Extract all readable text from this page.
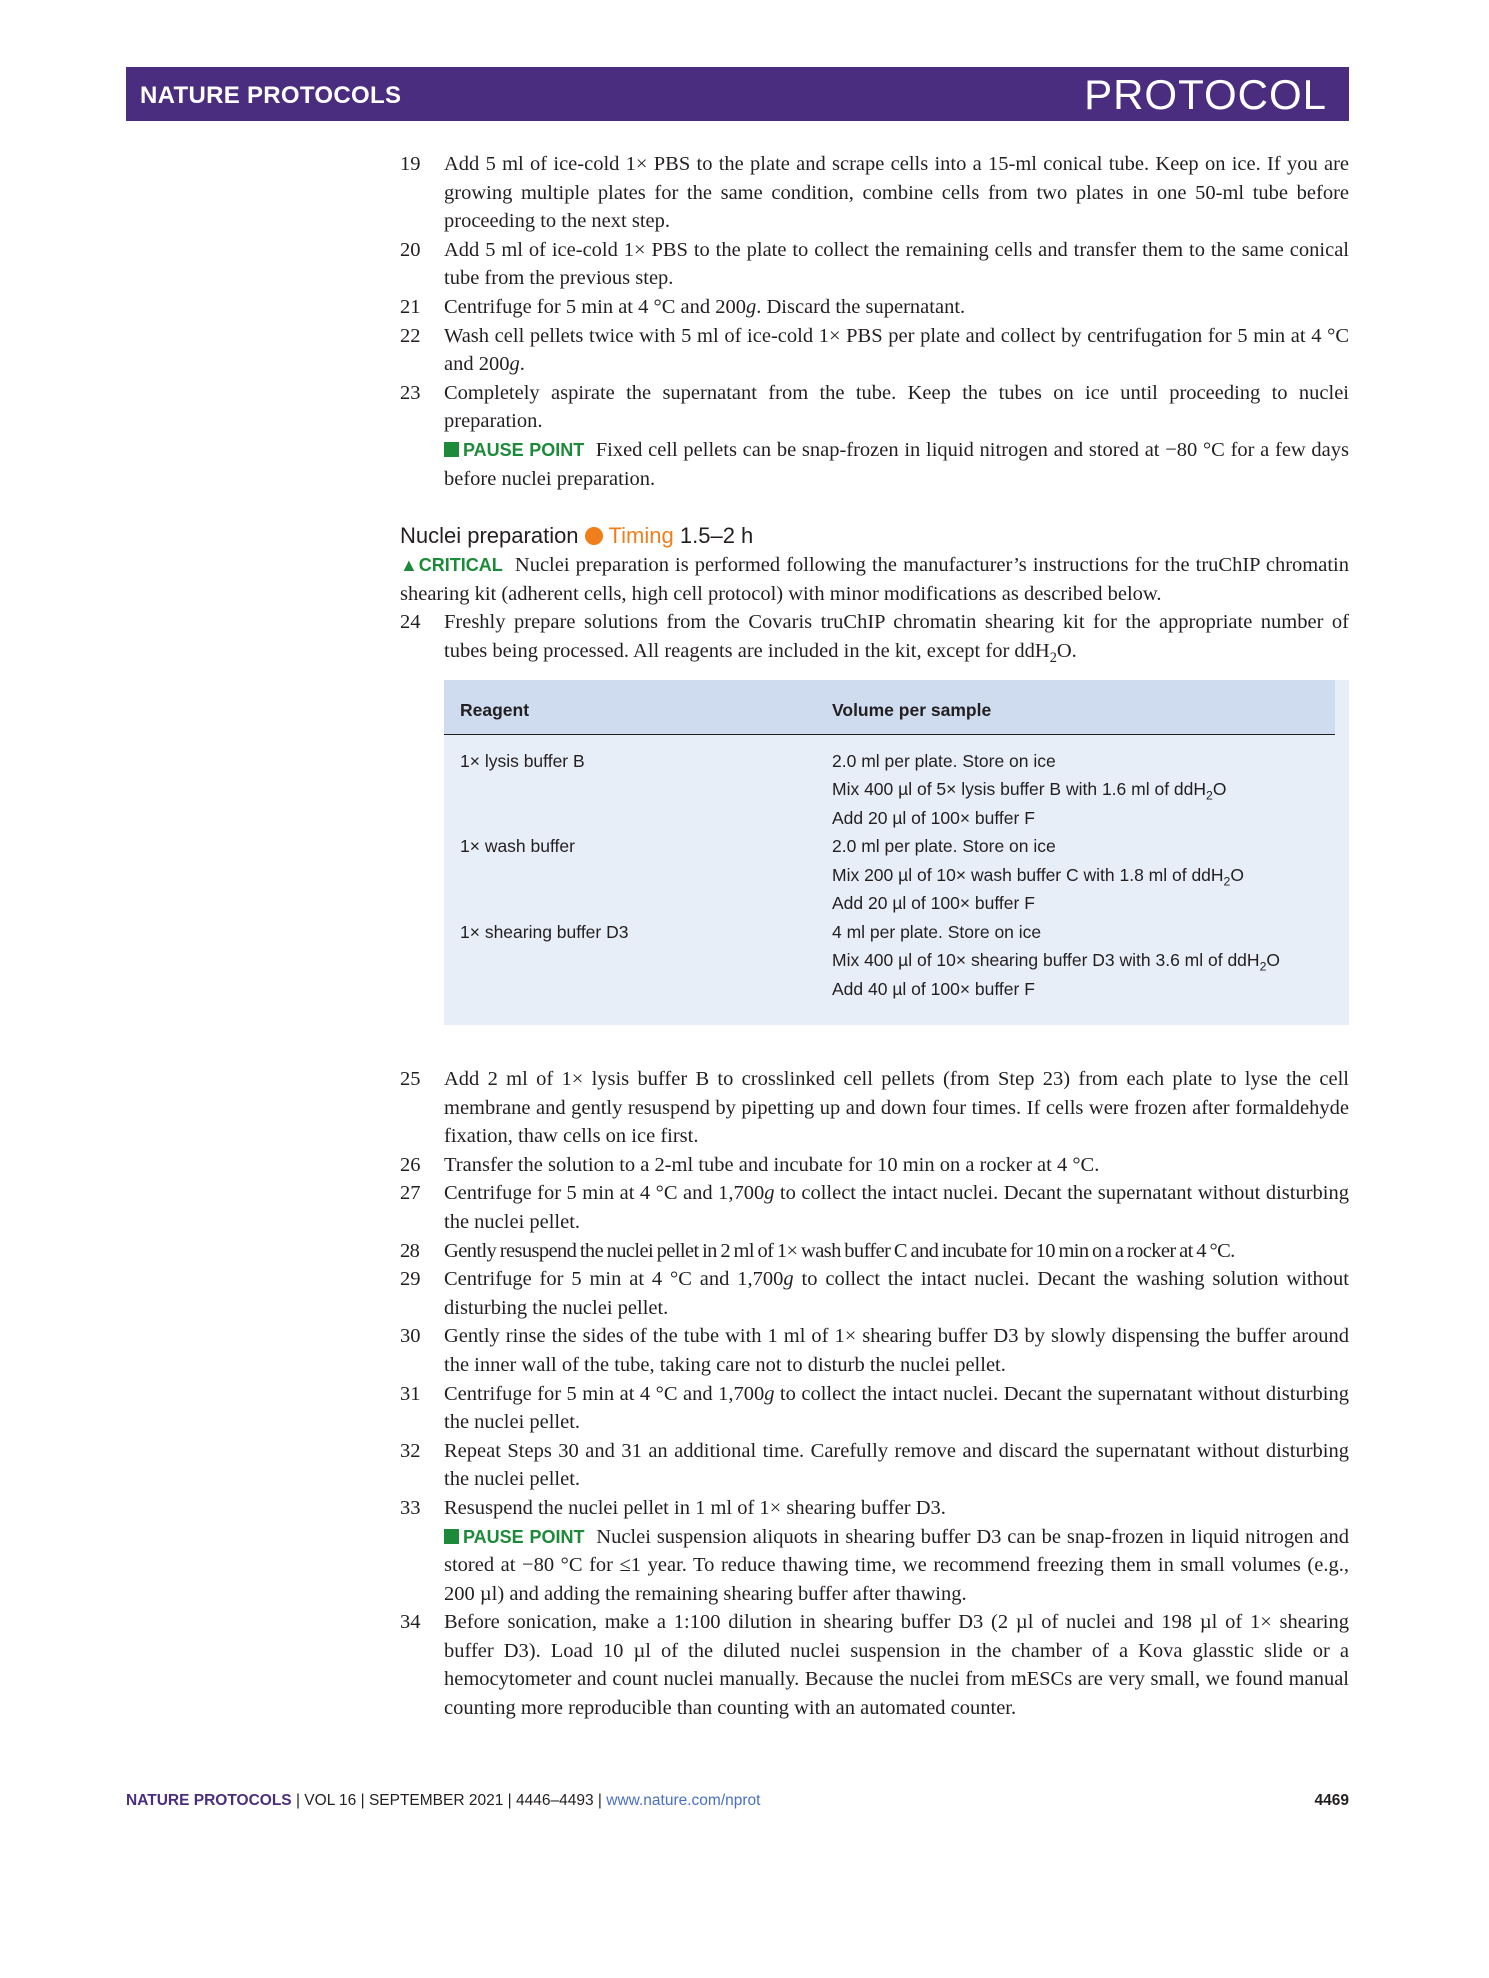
NATURE PROTOCOLS	PROTOCOL
19 Add 5 ml of ice-cold 1× PBS to the plate and scrape cells into a 15-ml conical tube. Keep on ice. If you are growing multiple plates for the same condition, combine cells from two plates in one 50-ml tube before proceeding to the next step.
20 Add 5 ml of ice-cold 1× PBS to the plate to collect the remaining cells and transfer them to the same conical tube from the previous step.
21 Centrifuge for 5 min at 4 °C and 200g. Discard the supernatant.
22 Wash cell pellets twice with 5 ml of ice-cold 1× PBS per plate and collect by centrifugation for 5 min at 4 °C and 200g.
23 Completely aspirate the supernatant from the tube. Keep the tubes on ice until proceeding to nuclei preparation.
PAUSE POINT Fixed cell pellets can be snap-frozen in liquid nitrogen and stored at −80 °C for a few days before nuclei preparation.
Nuclei preparation Timing 1.5–2 h
▲CRITICAL Nuclei preparation is performed following the manufacturer’s instructions for the truChIP chromatin shearing kit (adherent cells, high cell protocol) with minor modifications as described below.
24 Freshly prepare solutions from the Covaris truChIP chromatin shearing kit for the appropriate number of tubes being processed. All reagents are included in the kit, except for ddH$_2$O.
Reagent	Volume per sample
1× lysis buffer B	2.0 ml per plate. Store on ice
Mix 400 µl of 5× lysis buffer B with 1.6 ml of ddH$_2$O
Add 20 µl of 100× buffer F
1× wash buffer	2.0 ml per plate. Store on ice
Mix 200 µl of 10× wash buffer C with 1.8 ml of ddH$_2$O
Add 20 µl of 100× buffer F
1× shearing buffer D3	4 ml per plate. Store on ice
Mix 400 µl of 10× shearing buffer D3 with 3.6 ml of ddH$_2$O
Add 40 µl of 100× buffer F
25 Add 2 ml of 1× lysis buffer B to crosslinked cell pellets (from Step 23) from each plate to lyse the cell membrane and gently resuspend by pipetting up and down four times. If cells were frozen after formaldehyde fixation, thaw cells on ice first.
26 Transfer the solution to a 2-ml tube and incubate for 10 min on a rocker at 4 °C.
27 Centrifuge for 5 min at 4 °C and 1,700g to collect the intact nuclei. Decant the supernatant without disturbing the nuclei pellet.
28 Gently resuspend the nuclei pellet in 2 ml of 1× wash buffer C and incubate for 10 min on a rocker at 4 °C.
29 Centrifuge for 5 min at 4 °C and 1,700g to collect the intact nuclei. Decant the washing solution without disturbing the nuclei pellet.
30 Gently rinse the sides of the tube with 1 ml of 1× shearing buffer D3 by slowly dispensing the buffer around the inner wall of the tube, taking care not to disturb the nuclei pellet.
31 Centrifuge for 5 min at 4 °C and 1,700g to collect the intact nuclei. Decant the supernatant without disturbing the nuclei pellet.
32 Repeat Steps 30 and 31 an additional time. Carefully remove and discard the supernatant without disturbing the nuclei pellet.
33 Resuspend the nuclei pellet in 1 ml of 1× shearing buffer D3.
PAUSE POINT Nuclei suspension aliquots in shearing buffer D3 can be snap-frozen in liquid nitrogen and stored at −80 °C for ≤1 year. To reduce thawing time, we recommend freezing them in small volumes (e.g., 200 µl) and adding the remaining shearing buffer after thawing.
34 Before sonication, make a 1:100 dilution in shearing buffer D3 (2 µl of nuclei and 198 µl of 1× shearing buffer D3). Load 10 µl of the diluted nuclei suspension in the chamber of a Kova glasstic slide or a hemocytometer and count nuclei manually. Because the nuclei from mESCs are very small, we found manual counting more reproducible than counting with an automated counter.
NATURE PROTOCOLS | VOL 16 | SEPTEMBER 2021 | 4446–4493 | www.nature.com/nprot	4469
